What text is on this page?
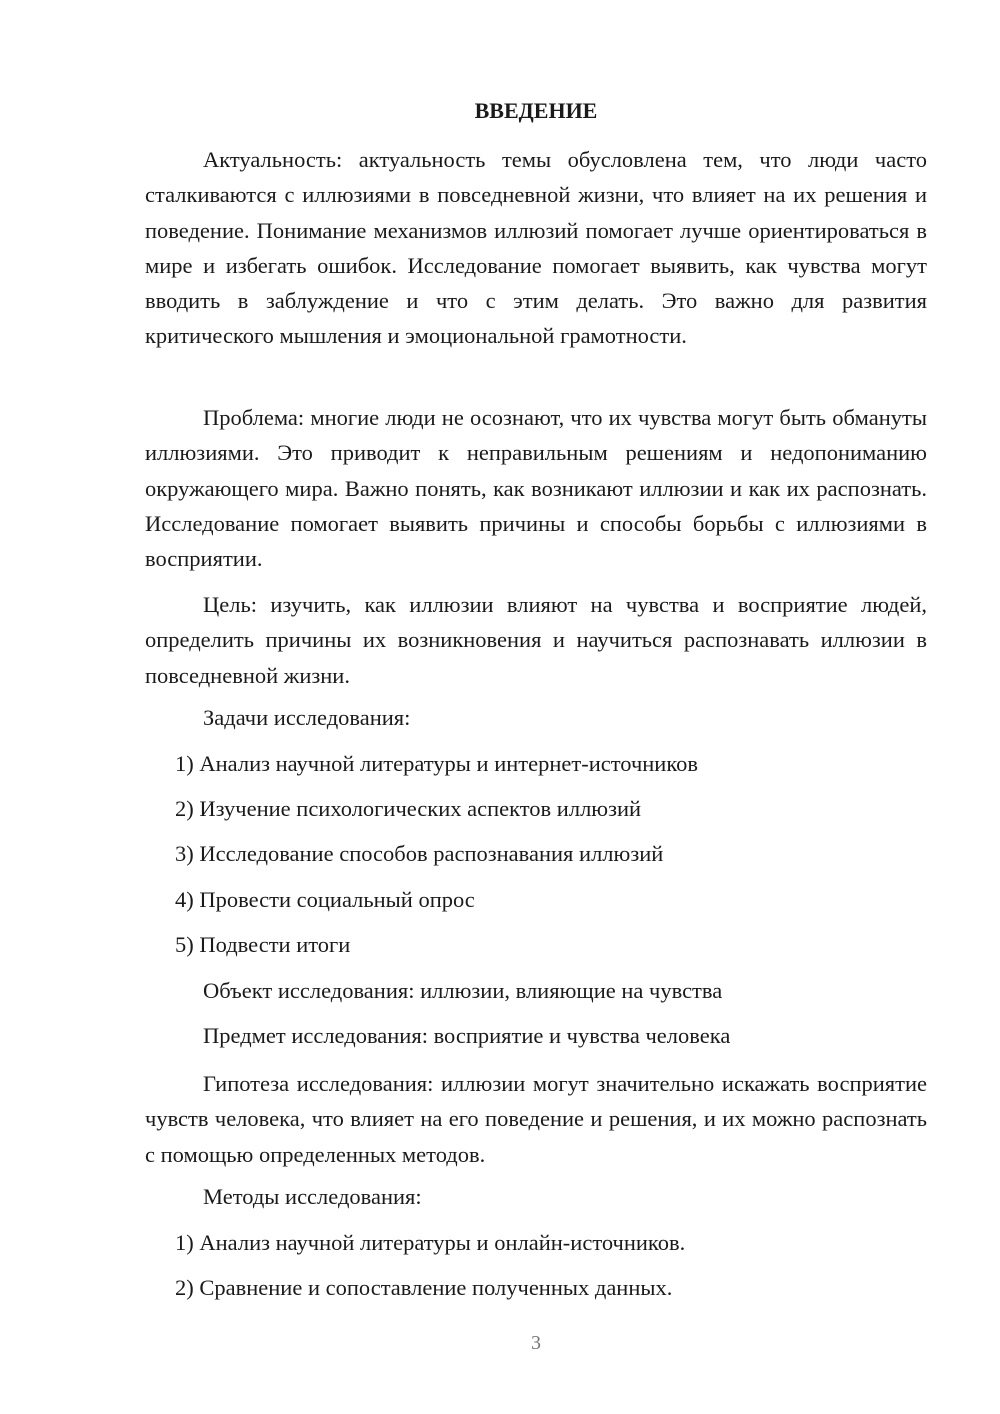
ВВЕДЕНИЕ

Актуальность: актуальность темы обусловлена тем, что люди часто сталкиваются с иллюзиями в повседневной жизни, что влияет на их решения и поведение. Понимание механизмов иллюзий помогает лучше ориентироваться в мире и избегать ошибок. Исследование помогает выявить, как чувства могут вводить в заблуждение и что с этим делать. Это важно для развития критического мышления и эмоциональной грамотности.

Проблема: многие люди не осознают, что их чувства могут быть обмануты иллюзиями. Это приводит к неправильным решениям и недопониманию окружающего мира. Важно понять, как возникают иллюзии и как их распознать. Исследование помогает выявить причины и способы борьбы с иллюзиями в восприятии.

Цель: изучить, как иллюзии влияют на чувства и восприятие людей, определить причины их возникновения и научиться распознавать иллюзии в повседневной жизни.

Задачи исследования:
1) Анализ научной литературы и интернет-источников
2) Изучение психологических аспектов иллюзий
3) Исследование способов распознавания иллюзий
4) Провести социальный опрос
5) Подвести итоги
Объект исследования: иллюзии, влияющие на чувства
Предмет исследования: восприятие и чувства человека

Гипотеза исследования: иллюзии могут значительно искажать восприятие чувств человека, что влияет на его поведение и решения, и их можно распознать с помощью определенных методов.

Методы исследования:
1) Анализ научной литературы и онлайн-источников.
2) Сравнение и сопоставление полученных данных.
3
